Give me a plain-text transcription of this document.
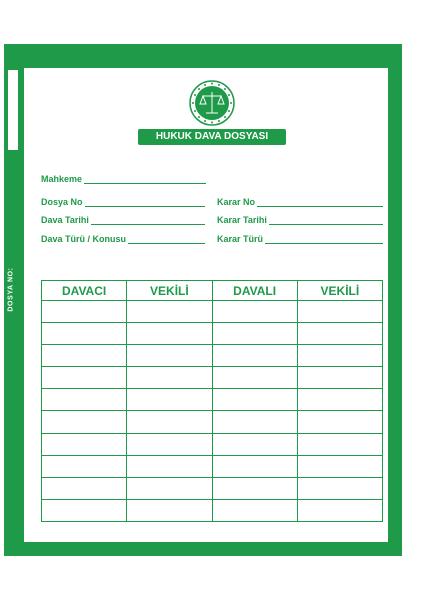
DOSYA NO:
HUKUK DAVA DOSYASI
Mahkeme
Dosya No	Karar No
Dava Tarihi	Karar Tarihi
Dava Türü / Konusu	Karar Türü
DAVACI	VEKİLİ	DAVALI	VEKİLİ
